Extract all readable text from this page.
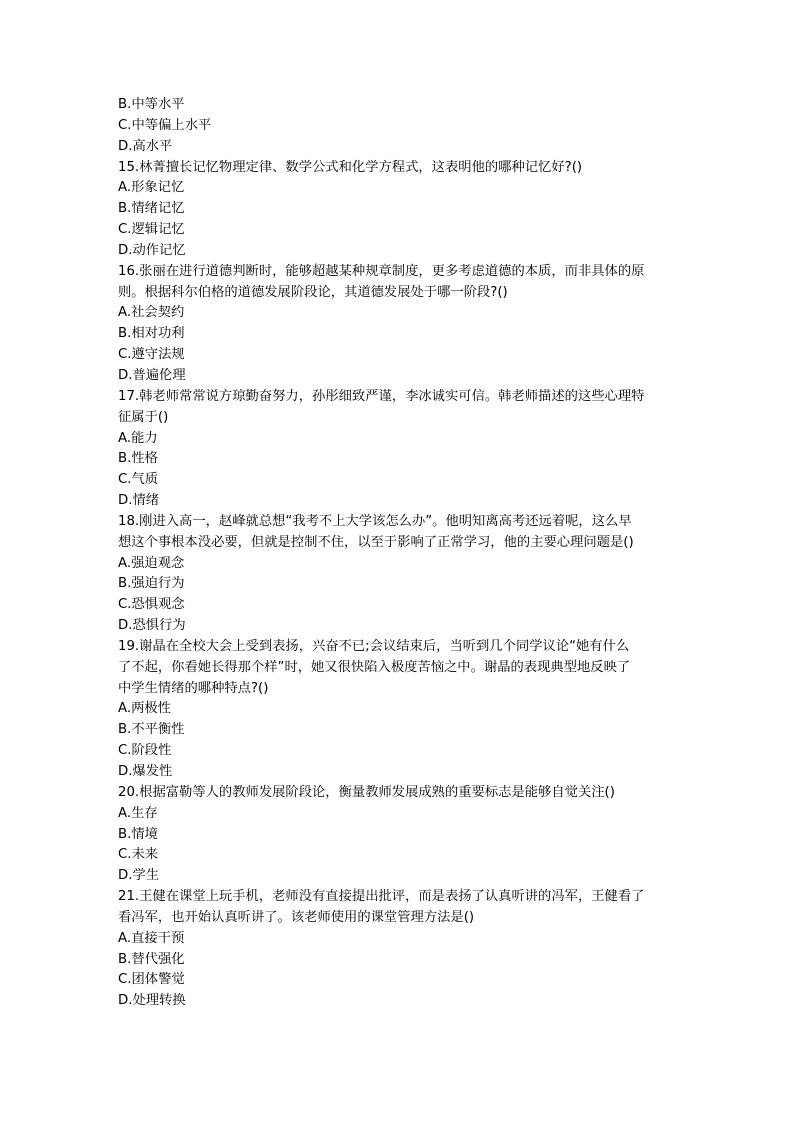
B.中等水平

C.中等偏上水平

D.高水平

15.林菁擅长记忆物理定律、数学公式和化学方程式，这表明他的哪种记忆好?()

A.形象记忆

B.情绪记忆

C.逻辑记忆

D.动作记忆

16.张丽在进行道德判断时，能够超越某种规章制度，更多考虑道德的本质，而非具体的原

则。根据科尔伯格的道德发展阶段论，其道德发展处于哪一阶段?()

A.社会契约

B.相对功利

C.遵守法规

D.普遍伦理

17.韩老师常常说方琼勤奋努力，孙彤细致严谨，李冰诚实可信。韩老师描述的这些心理特

征属于()

A.能力

B.性格

C.气质

D.情绪

18.刚进入高一，赵峰就总想“我考不上大学该怎么办”。他明知离高考还远着呢，这么早

想这个事根本没必要，但就是控制不住，以至于影响了正常学习，他的主要心理问题是()

A.强迫观念

B.强迫行为

C.恐惧观念

D.恐惧行为

19.谢晶在全校大会上受到表扬，兴奋不已;会议结束后，当听到几个同学议论“她有什么

了不起，你看她长得那个样”时，她又很快陷入极度苦恼之中。谢晶的表现典型地反映了

中学生情绪的哪种特点?()

A.两极性

B.不平衡性

C.阶段性

D.爆发性

20.根据富勒等人的教师发展阶段论，衡量教师发展成熟的重要标志是能够自觉关注()

A.生存

B.情境

C.未来

D.学生

21.王健在课堂上玩手机，老师没有直接提出批评，而是表扬了认真听讲的冯军，王健看了

看冯军，也开始认真听讲了。该老师使用的课堂管理方法是()

A.直接干预

B.替代强化

C.团体警觉

D.处理转换
